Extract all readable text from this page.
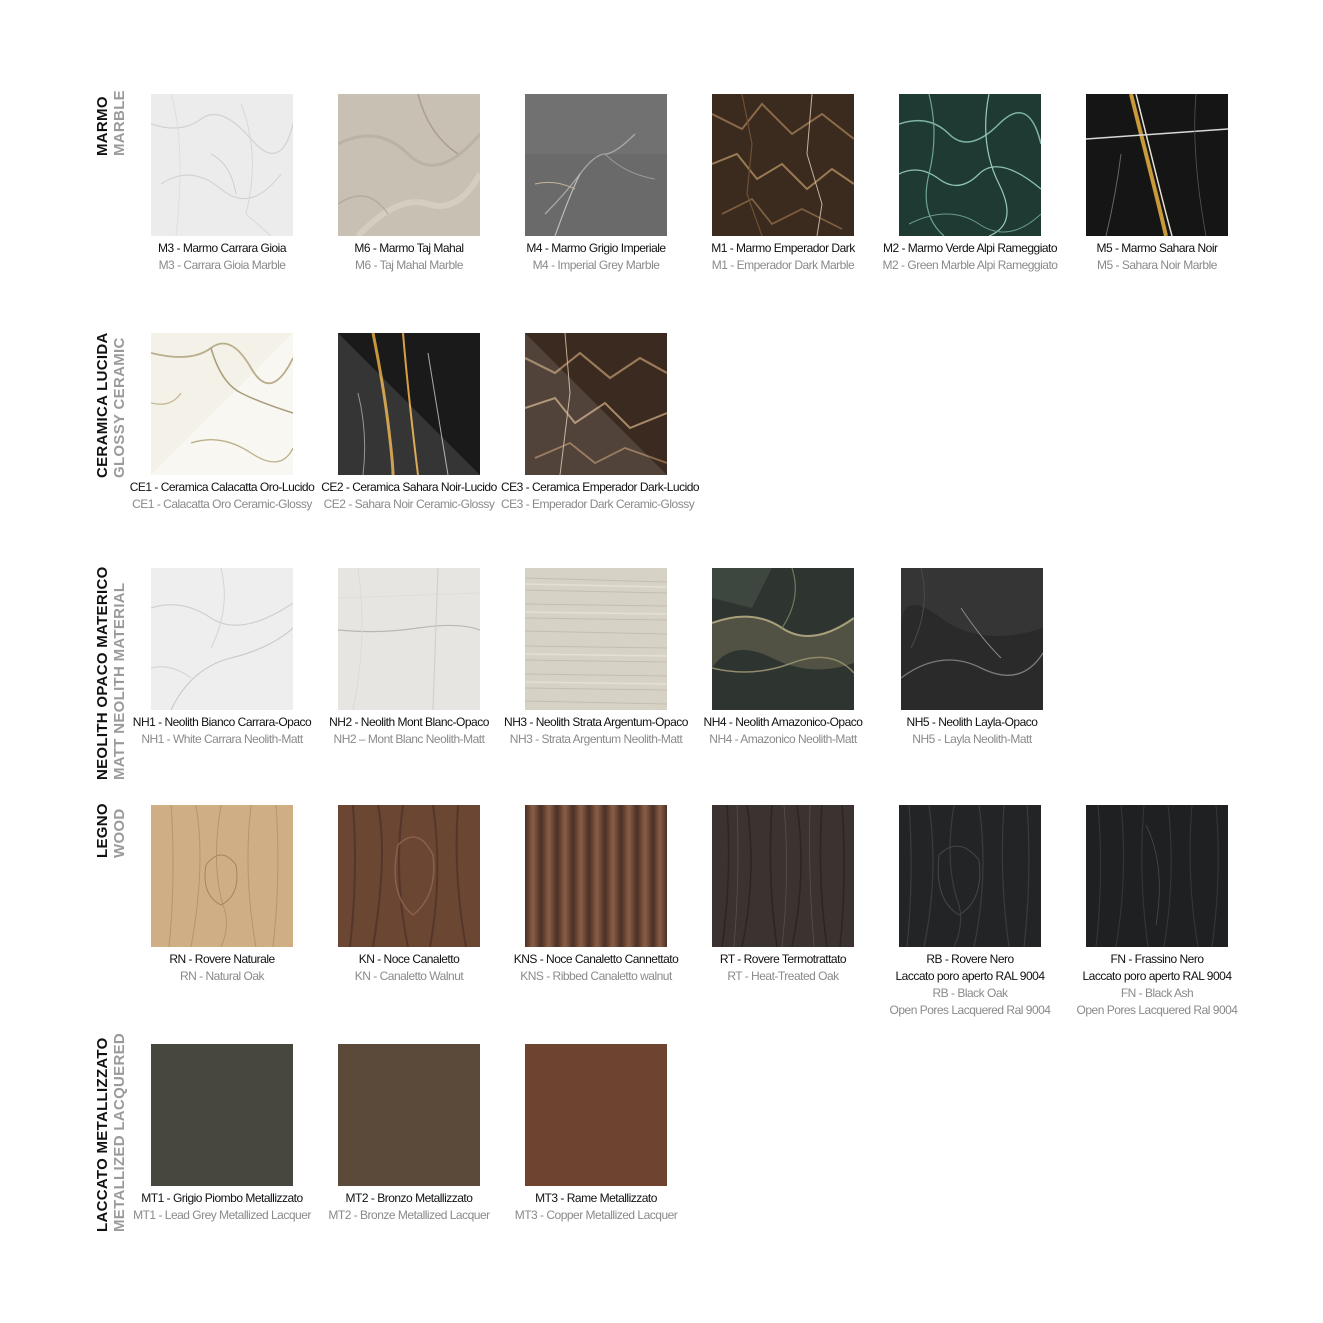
MARMO MARBLE
CERAMICA LUCIDA GLOSSY CERAMIC
NEOLITH OPACO MATERICO MATT NEOLITH MATERIAL
LEGNO WOOD
LACCATO METALLIZZATO METALLIZED LACQUERED
M3 - Marmo Carrara Gioia
M3 - Carrara Gioia Marble
M6 - Marmo Taj Mahal
M6 - Taj Mahal Marble
M4 - Marmo Grigio Imperiale
M4 - Imperial Grey Marble
M1 - Marmo Emperador Dark
M1 - Emperador Dark Marble
M2 - Marmo Verde Alpi Rameggiato
M2 - Green Marble Alpi Rameggiato
M5 - Marmo Sahara Noir
M5 - Sahara Noir Marble
CE1 - Ceramica Calacatta Oro-Lucido
CE1 - Calacatta Oro Ceramic-Glossy
CE2 - Ceramica Sahara Noir-Lucido
CE2 - Sahara Noir Ceramic-Glossy
CE3 - Ceramica Emperador Dark-Lucido
CE3 - Emperador Dark Ceramic-Glossy
NH1 - Neolith Bianco Carrara-Opaco
NH1 - White Carrara Neolith-Matt
NH2 - Neolith Mont Blanc-Opaco
NH2 – Mont Blanc Neolith-Matt
NH3 - Neolith Strata Argentum-Opaco
NH3 - Strata Argentum Neolith-Matt
NH4 - Neolith Amazonico-Opaco
NH4 - Amazonico Neolith-Matt
NH5 - Neolith Layla-Opaco
NH5 - Layla Neolith-Matt
RN - Rovere Naturale
RN - Natural Oak
KN - Noce Canaletto
KN - Canaletto Walnut
KNS - Noce Canaletto Cannettato
KNS - Ribbed Canaletto walnut
RT - Rovere Termotrattato
RT - Heat-Treated Oak
RB - Rovere Nero
Laccato poro aperto RAL 9004
RB - Black Oak
Open Pores Lacquered Ral 9004
FN - Frassino Nero
Laccato poro aperto RAL 9004
FN - Black Ash
Open Pores Lacquered Ral 9004
MT1 - Grigio Piombo Metallizzato
MT1 - Lead Grey Metallized Lacquer
MT2 - Bronzo Metallizzato
MT2 - Bronze Metallized Lacquer
MT3 - Rame Metallizzato
MT3 - Copper Metallized Lacquer
